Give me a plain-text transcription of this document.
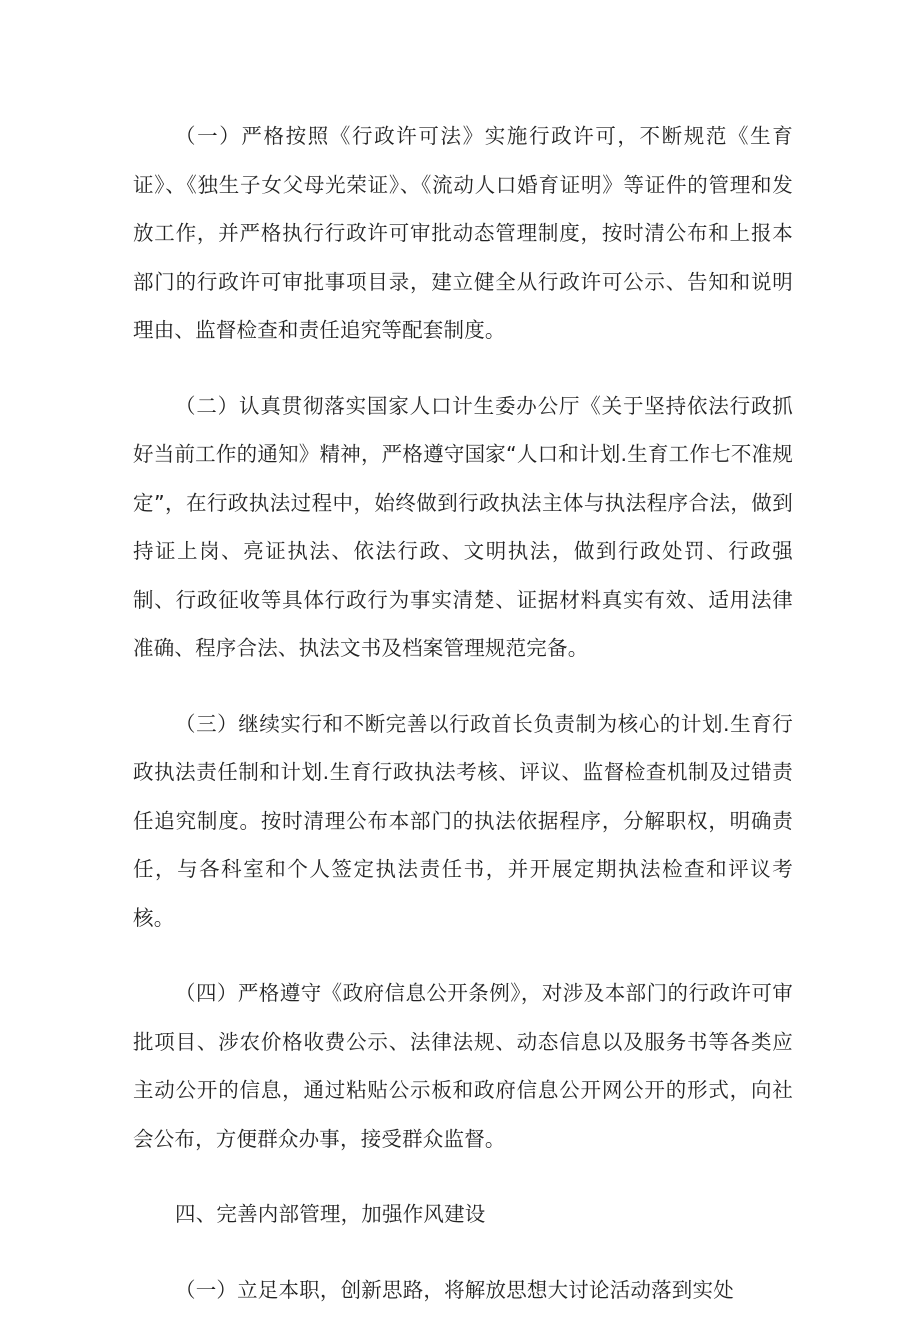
（一）严格按照《行政许可法》实施行政许可，不断规范《生育证》、《独生子女父母光荣证》、《流动人口婚育证明》等证件的管理和发放工作，并严格执行行政许可审批动态管理制度，按时清公布和上报本部门的行政许可审批事项目录，建立健全从行政许可公示、告知和说明理由、监督检查和责任追究等配套制度。

（二）认真贯彻落实国家人口计生委办公厅《关于坚持依法行政抓好当前工作的通知》精神，严格遵守国家“人口和计划.生育工作七不准规定”，在行政执法过程中，始终做到行政执法主体与执法程序合法，做到持证上岗、亮证执法、依法行政、文明执法，做到行政处罚、行政强制、行政征收等具体行政行为事实清楚、证据材料真实有效、适用法律准确、程序合法、执法文书及档案管理规范完备。

（三）继续实行和不断完善以行政首长负责制为核心的计划.生育行政执法责任制和计划.生育行政执法考核、评议、监督检查机制及过错责任追究制度。按时清理公布本部门的执法依据程序，分解职权，明确责任，与各科室和个人签定执法责任书，并开展定期执法检查和评议考核。

（四）严格遵守《政府信息公开条例》，对涉及本部门的行政许可审批项目、涉农价格收费公示、法律法规、动态信息以及服务书等各类应主动公开的信息，通过粘贴公示板和政府信息公开网公开的形式，向社会公布，方便群众办事，接受群众监督。

四、完善内部管理，加强作风建设

（一）立足本职，创新思路，将解放思想大讨论活动落到实处
